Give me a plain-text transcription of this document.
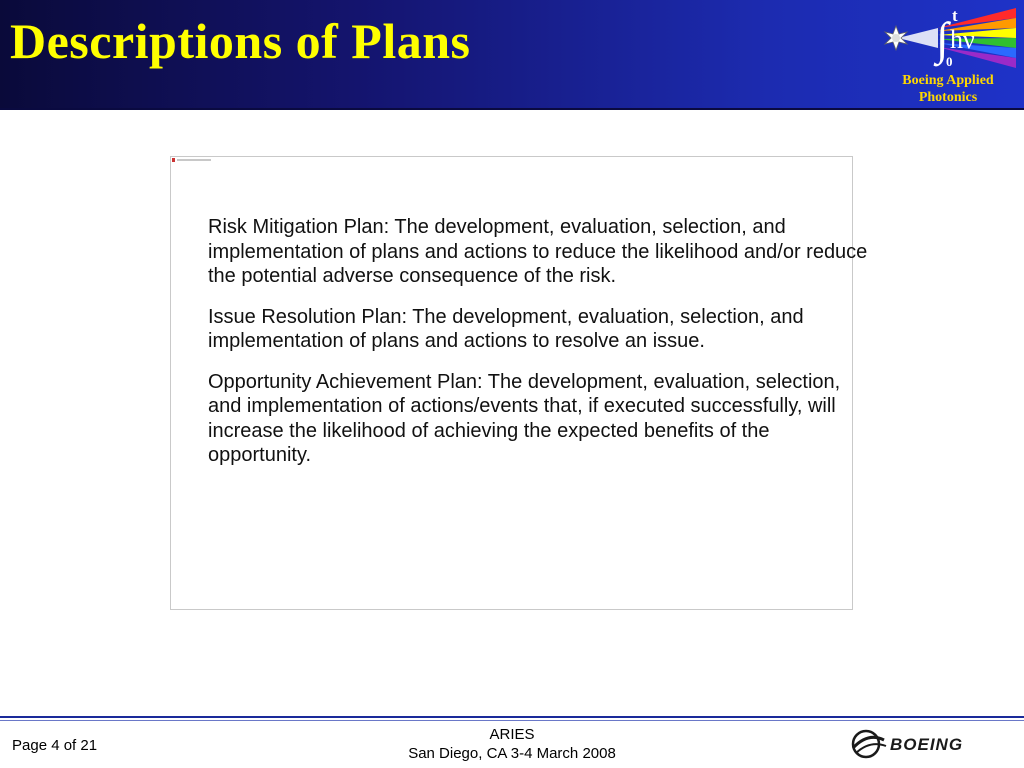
Descriptions of Plans	t
∫ hν
0
Boeing Applied
Photonics

Risk Mitigation Plan: The development, evaluation, selection, and implementation of plans and actions to reduce the likelihood and/or reduce the potential adverse consequence of the risk.

Issue Resolution Plan: The development, evaluation, selection, and implementation of plans and actions to resolve an issue.

Opportunity Achievement Plan: The development, evaluation, selection, and implementation of actions/events that, if executed successfully, will increase the likelihood of achieving the expected benefits of the opportunity.

Page 4 of 21
ARIES
San Diego, CA 3-4 March 2008	BOEING
